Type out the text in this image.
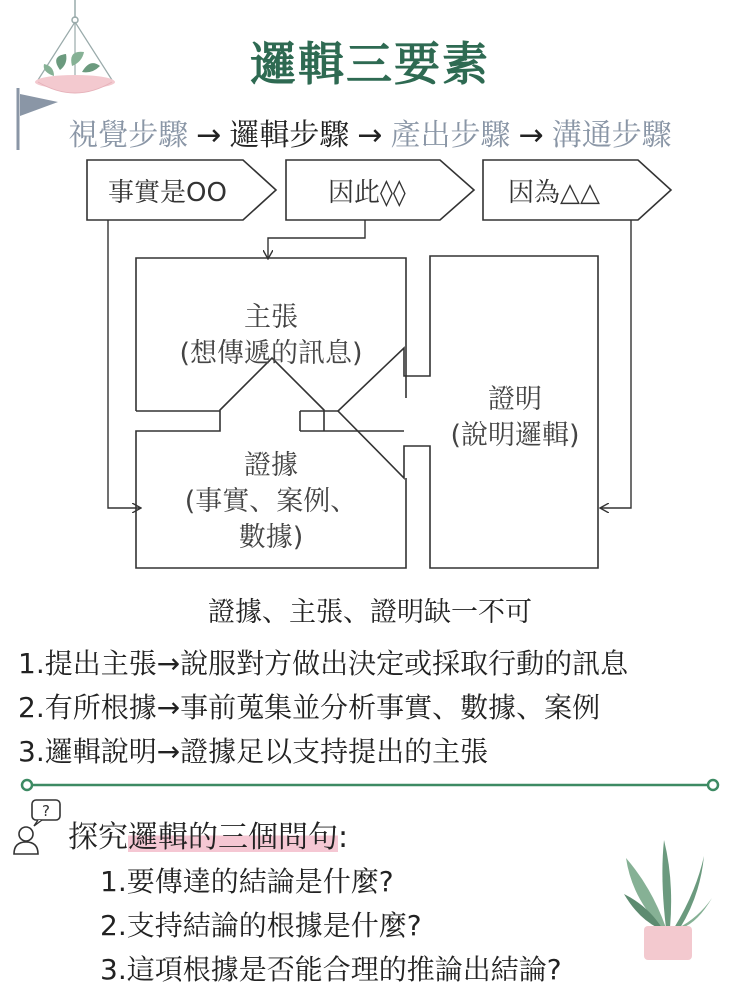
邏輯三要素
視覺步驟 → 邏輯步驟 → 產出步驟 → 溝通步驟
事實是OO	因此◊◊	因為△△
主張
(想傳遞的訊息)
證據
(事實、案例、
數據)
證明
(說明邏輯)
證據、主張、證明缺一不可
1.提出主張→說服對方做出決定或採取行動的訊息
2.有所根據→事前蒐集並分析事實、數據、案例
3.邏輯說明→證據足以支持提出的主張
?
探究邏輯的三個問句:
1.要傳達的結論是什麼?
2.支持結論的根據是什麼?
3.這項根據是否能合理的推論出結論?
